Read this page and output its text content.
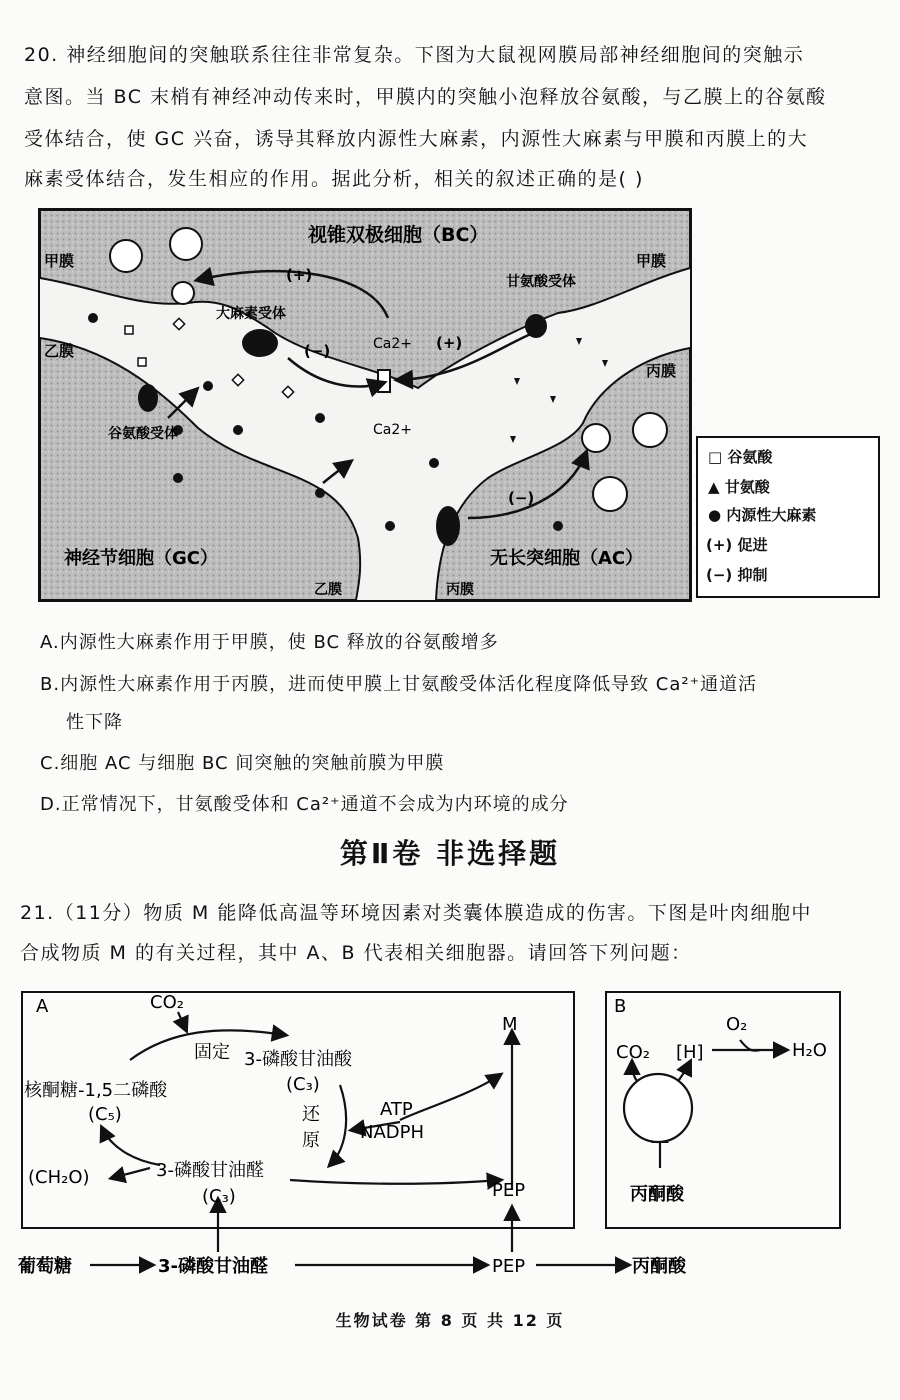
20. 神经细胞间的突触联系往往非常复杂。下图为大鼠视网膜局部神经细胞间的突触示
意图。当 BC 末梢有神经冲动传来时，甲膜内的突触小泡释放谷氨酸，与乙膜上的谷氨酸
受体结合，使 GC 兴奋，诱导其释放内源性大麻素，内源性大麻素与甲膜和丙膜上的大
麻素受体结合，发生相应的作用。据此分析，相关的叙述正确的是( )
视锥双极细胞（BC）
甲膜	甲膜
乙膜
丙膜
大麻素受体
甘氨酸受体
谷氨酸受体
Ca2+
Ca2+
(+)
(+)
(−)
(−)
神经节细胞（GC）	无长突细胞（AC）
乙膜	丙膜
□ 谷氨酸
▲ 甘氨酸
● 内源性大麻素
(+) 促进
(−) 抑制
A.内源性大麻素作用于甲膜，使 BC 释放的谷氨酸增多
B.内源性大麻素作用于丙膜，进而使甲膜上甘氨酸受体活化程度降低导致 Ca²⁺通道活
性下降
C.细胞 AC 与细胞 BC 间突触的突触前膜为甲膜
D.正常情况下，甘氨酸受体和 Ca²⁺通道不会成为内环境的成分
第Ⅱ卷 非选择题
21.（11分）物质 M 能降低高温等环境因素对类囊体膜造成的伤害。下图是叶肉细胞中
合成物质 M 的有关过程，其中 A、B 代表相关细胞器。请回答下列问题：
A	B
CO₂
固定 3-磷酸甘油酸
(C₃)
核酮糖-1,5二磷酸
(C₅)	还
原
ATP
NADPH
3-磷酸甘油醛
(C₃)
(CH₂O)
M
PEP
葡萄糖	3-磷酸甘油醛	PEP	丙酮酸
CO₂ [H]
O₂
H₂O
丙酮酸
生物试卷 第 8 页 共 12 页
